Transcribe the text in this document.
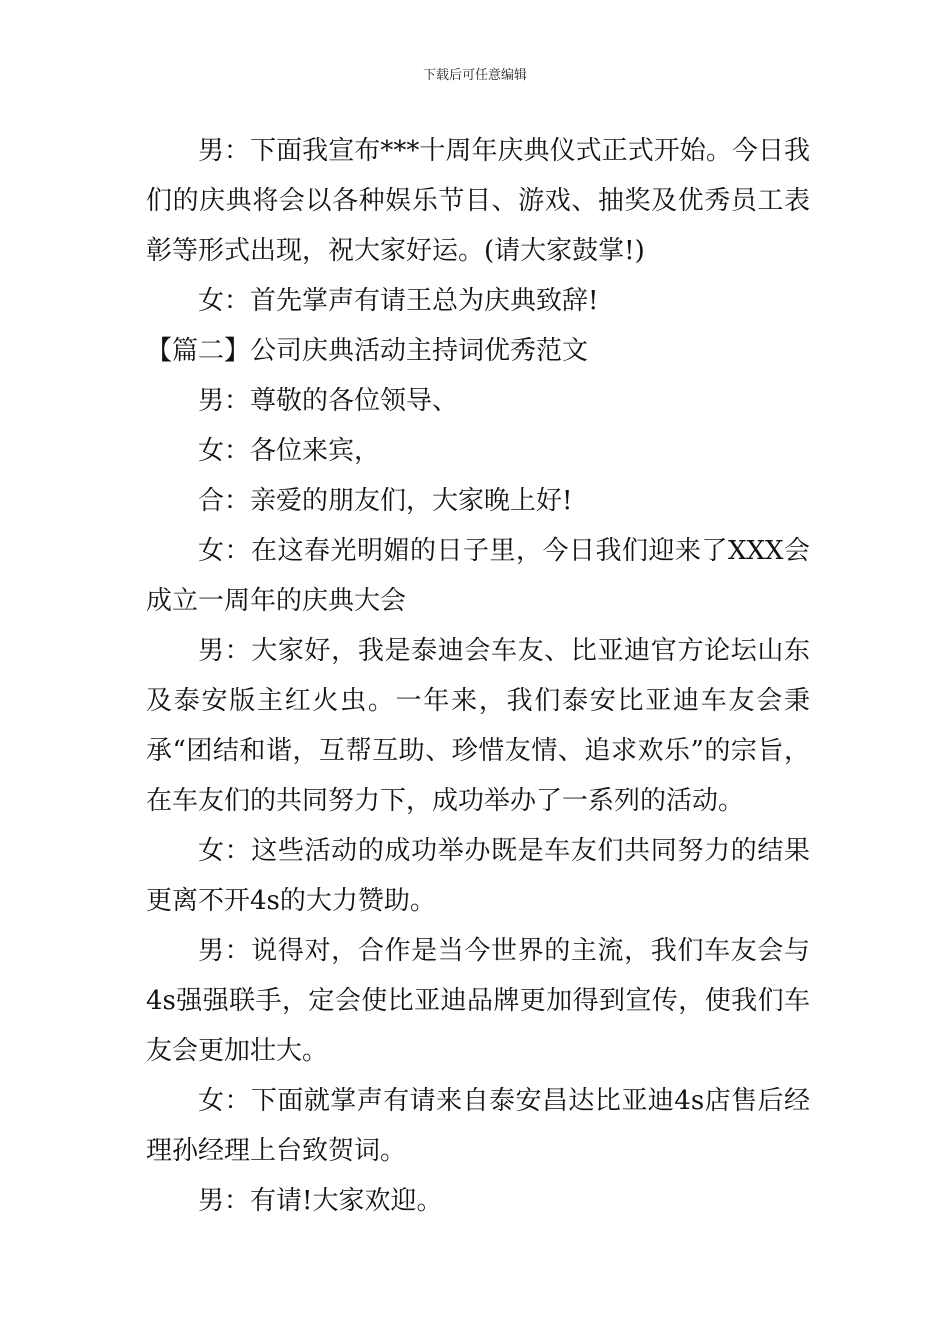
下载后可任意编辑

男：下面我宣布***十周年庆典仪式正式开始。今日我们的庆典将会以各种娱乐节目、游戏、抽奖及优秀员工表彰等形式出现，祝大家好运。(请大家鼓掌!)

女：首先掌声有请王总为庆典致辞!

【篇二】公司庆典活动主持词优秀范文

男：尊敬的各位领导、

女：各位来宾，

合：亲爱的朋友们，大家晚上好!

女：在这春光明媚的日子里，今日我们迎来了XXX会成立一周年的庆典大会

男：大家好，我是泰迪会车友、比亚迪官方论坛山东及泰安版主红火虫。一年来，我们泰安比亚迪车友会秉承“团结和谐，互帮互助、珍惜友情、追求欢乐”的宗旨，在车友们的共同努力下，成功举办了一系列的活动。

女：这些活动的成功举办既是车友们共同努力的结果更离不开4s的大力赞助。

男：说得对，合作是当今世界的主流，我们车友会与4s强强联手，定会使比亚迪品牌更加得到宣传，使我们车友会更加壮大。

女：下面就掌声有请来自泰安昌达比亚迪4s店售后经理孙经理上台致贺词。

男：有请!大家欢迎。
